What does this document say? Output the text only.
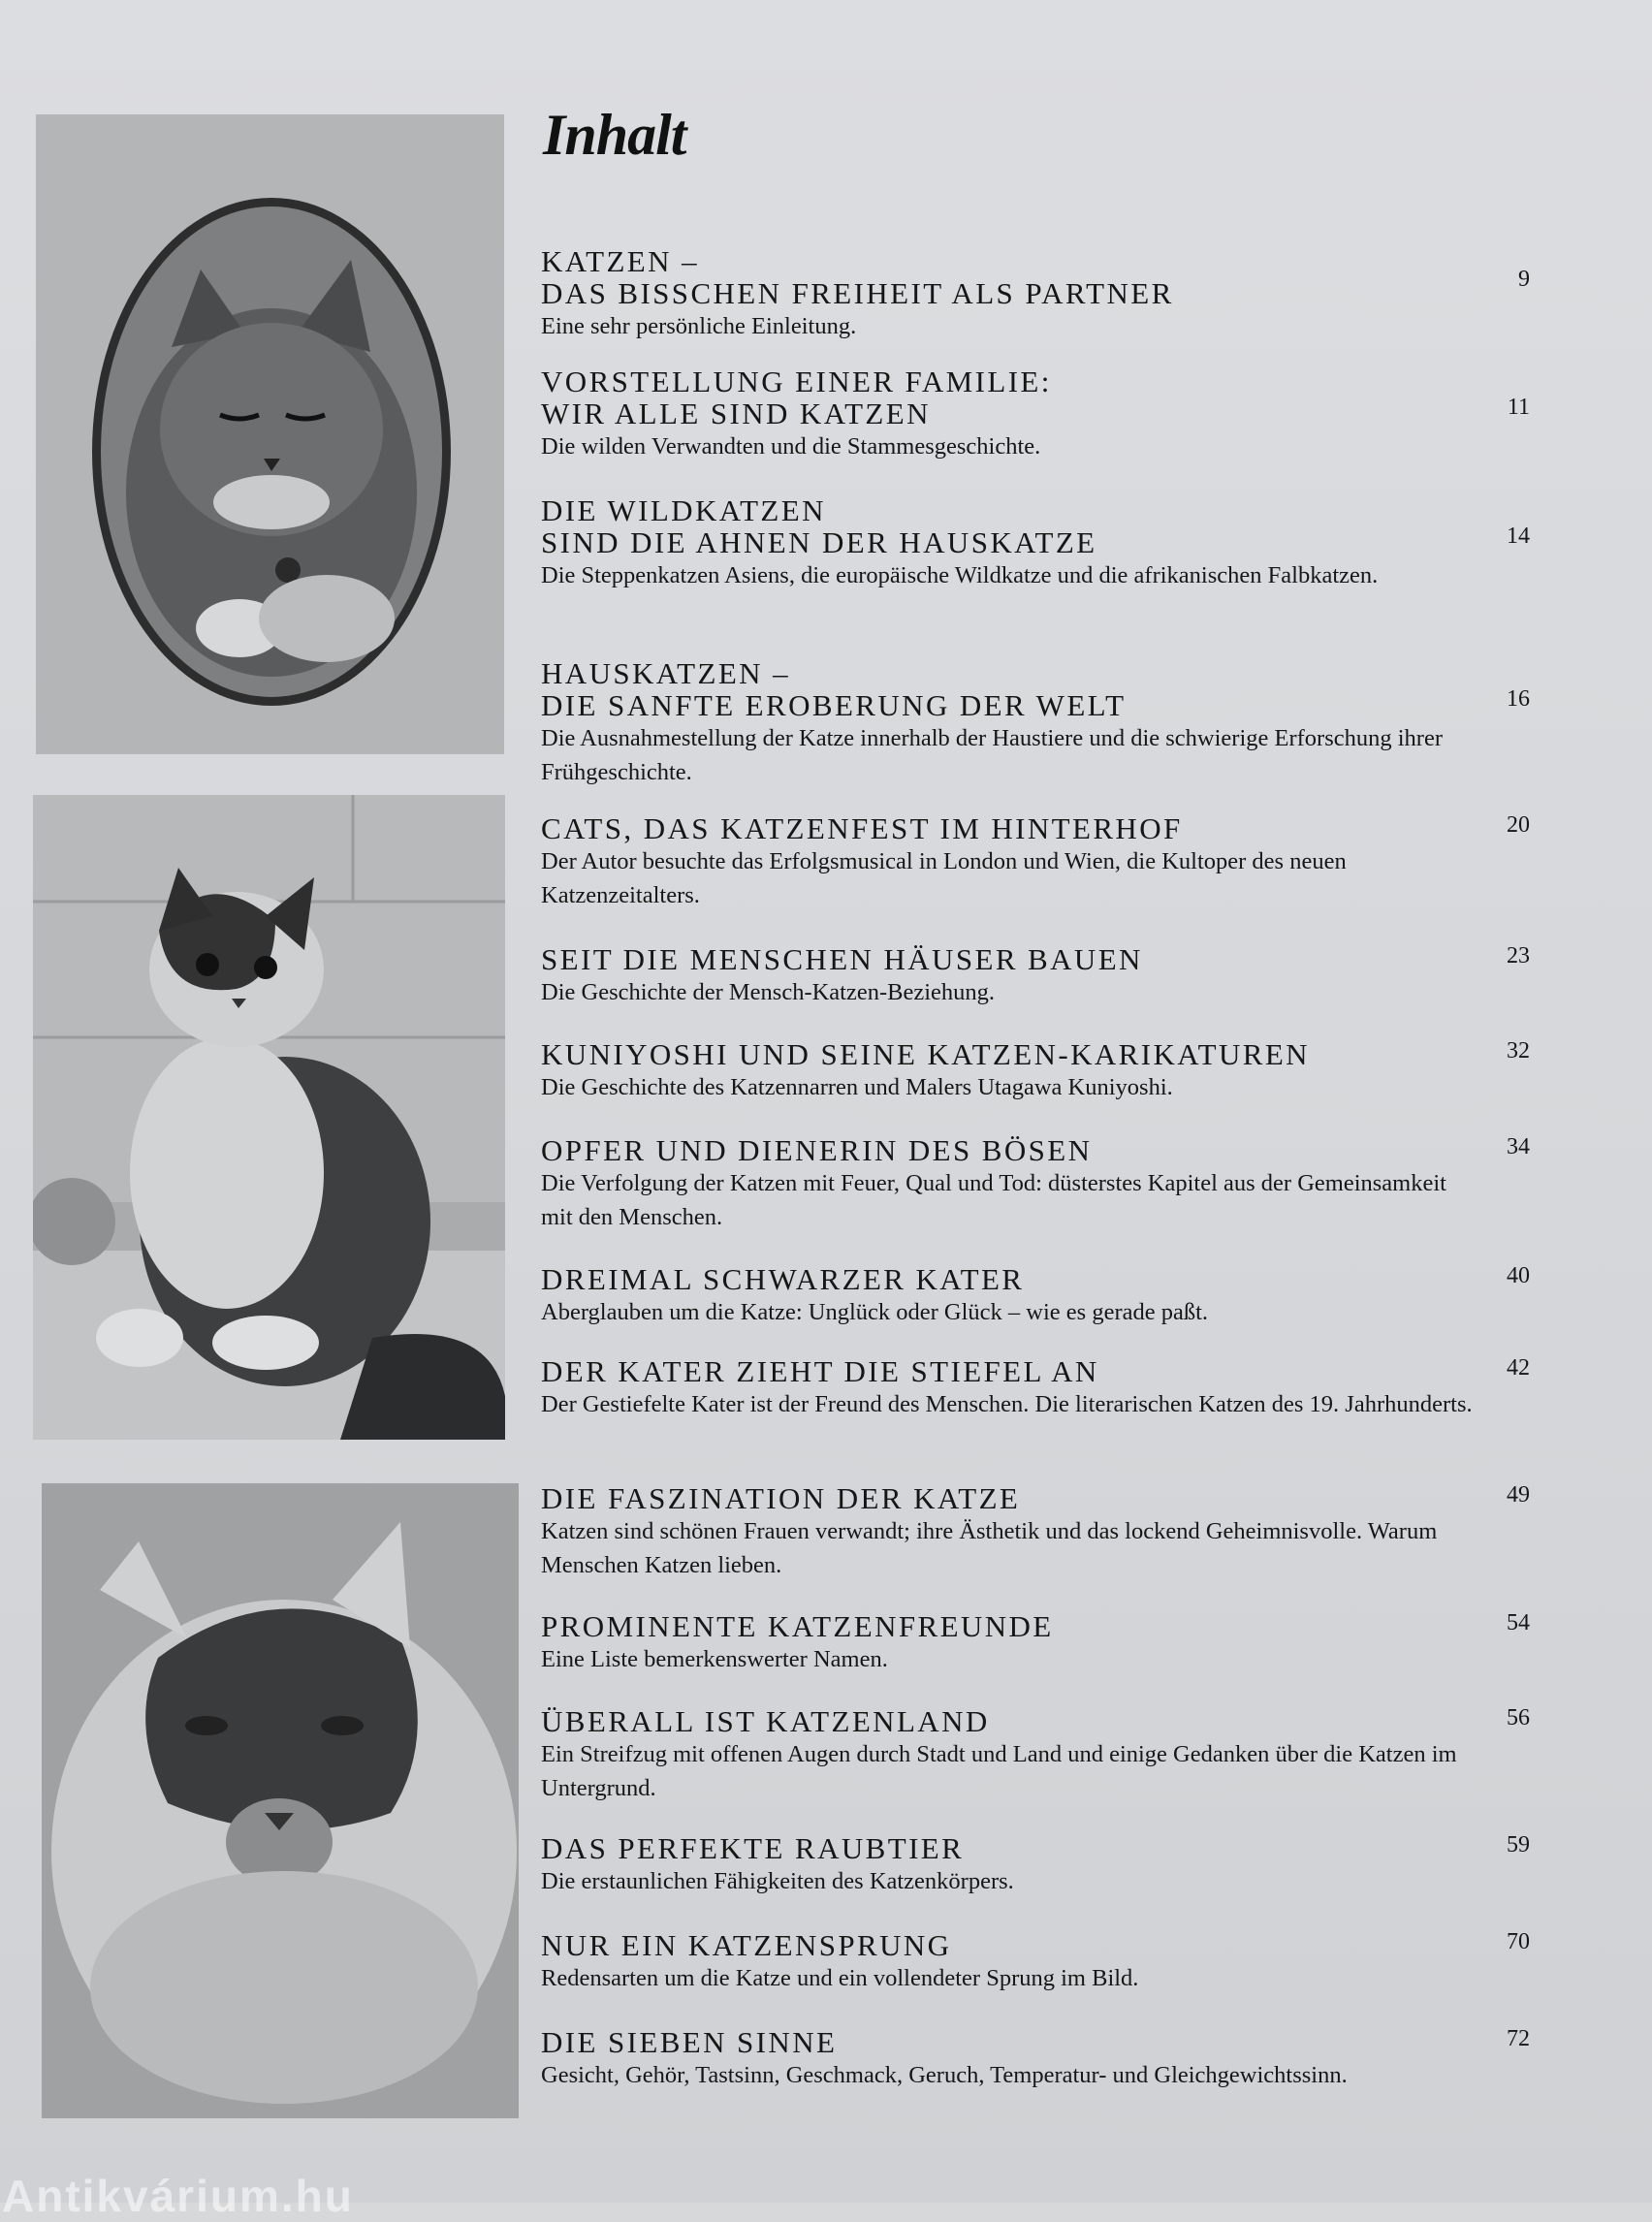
Inhalt
9
KATZEN –
DAS BISSCHEN FREIHEIT ALS PARTNER

Eine sehr persönliche Einleitung.

11
VORSTELLUNG EINER FAMILIE:
WIR ALLE SIND KATZEN

Die wilden Verwandten und die Stammesgeschichte.

14
DIE WILDKATZEN
SIND DIE AHNEN DER HAUSKATZE

Die Steppenkatzen Asiens, die europäische Wildkatze und die afrikanischen Falbkatzen.

16
HAUSKATZEN –
DIE SANFTE EROBERUNG DER WELT

Die Ausnahmestellung der Katze innerhalb der Haustiere und die schwierige Erforschung ihrer Frühgeschichte.

20
CATS, DAS KATZENFEST IM HINTERHOF

Der Autor besuchte das Erfolgsmusical in London und Wien, die Kultoper des neuen Katzenzeitalters.

23
SEIT DIE MENSCHEN HÄUSER BAUEN

Die Geschichte der Mensch-Katzen-Beziehung.

32
KUNIYOSHI UND SEINE KATZEN-KARIKATUREN

Die Geschichte des Katzennarren und Malers Utagawa Kuniyoshi.

34
OPFER UND DIENERIN DES BÖSEN

Die Verfolgung der Katzen mit Feuer, Qual und Tod: düsterstes Kapitel aus der Gemeinsamkeit mit den Menschen.

40
DREIMAL SCHWARZER KATER

Aberglauben um die Katze: Unglück oder Glück – wie es gerade paßt.

42
DER KATER ZIEHT DIE STIEFEL AN

Der Gestiefelte Kater ist der Freund des Menschen. Die literarischen Katzen des 19. Jahrhunderts.

49
DIE FASZINATION DER KATZE

Katzen sind schönen Frauen verwandt; ihre Ästhetik und das lockend Geheimnisvolle. Warum Menschen Katzen lieben.

54
PROMINENTE KATZENFREUNDE

Eine Liste bemerkenswerter Namen.

56
ÜBERALL IST KATZENLAND

Ein Streifzug mit offenen Augen durch Stadt und Land und einige Gedanken über die Katzen im Untergrund.

59
DAS PERFEKTE RAUBTIER

Die erstaunlichen Fähigkeiten des Katzenkörpers.

70
NUR EIN KATZENSPRUNG

Redensarten um die Katze und ein vollendeter Sprung im Bild.

72
DIE SIEBEN SINNE

Gesicht, Gehör, Tastsinn, Geschmack, Geruch, Temperatur- und Gleichgewichtssinn.

Antikvárium.hu
